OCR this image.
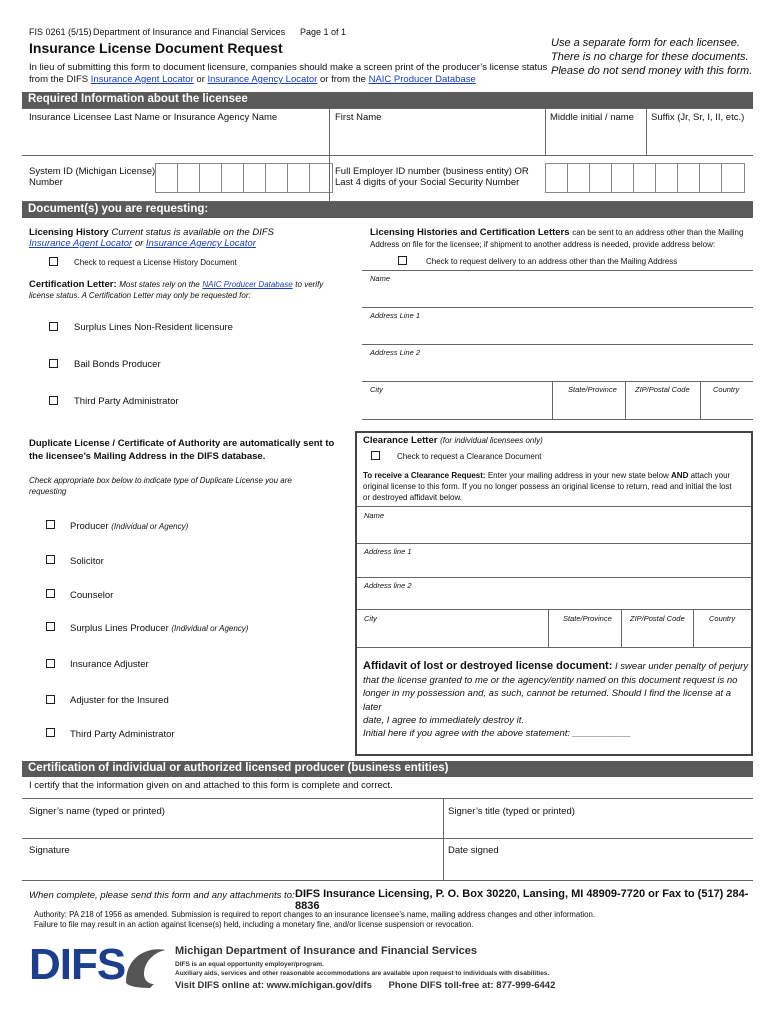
FIS 0261 (5/15) Department of Insurance and Financial Services Page 1 of 1
Insurance License Document Request
In lieu of submitting this form to document licensure, companies should make a screen print of the producer’s license status
from the DIFS Insurance Agent Locator or Insurance Agency Locator or from the NAIC Producer Database
Use a separate form for each licensee.
There is no charge for these documents.
Please do not send money with this form.
Required Information about the licensee
Insurance Licensee Last Name or Insurance Agency Name	First Name	Middle initial / name Suffix (Jr, Sr, I, II, etc.)
System ID (Michigan License)
Number
Full Employer ID number (business entity) OR
Last 4 digits of your Social Security Number
Document(s) you are requesting:
Licensing History Current status is available on the DIFS
Insurance Agent Locator or Insurance Agency Locator
Check to request a License History Document
Certification Letter: Most states rely on the NAIC Producer Database to verify
license status. A Certification Letter may only be requested for:
Surplus Lines Non-Resident licensure
Bail Bonds Producer
Third Party Administrator
Licensing Histories and Certification Letters can be sent to an address other than the Mailing
Address on file for the licensee; if shipment to another address is needed, provide address below:
Check to request delivery to an address other than the Mailing Address
Name
Address Line 1
Address Line 2
City	State/Province ZIP/Postal Code	Country
Duplicate License / Certificate of Authority are automatically sent to
the licensee’s Mailing Address in the DIFS database.
Check appropriate box below to indicate type of Duplicate License you are
requesting
Producer (Individual or Agency)
Solicitor
Counselor
Surplus Lines Producer (Individual or Agency)
Insurance Adjuster
Adjuster for the Insured
Third Party Administrator
Clearance Letter (for individual licensees only)
Check to request a Clearance Document
To receive a Clearance Request: Enter your mailing address in your new state below AND attach your
original license to this form. If you no longer possess an original license to return, read and initial the lost
or destroyed affidavit below.
Name
Address line 1
Address line 2
City	State/Province ZIP/Postal Code	Country
Affidavit of lost or destroyed license document: I swear under penalty of perjury
that the license granted to me or the agency/entity named on this document request is no
longer in my possession and, as such, cannot be returned. Should I find the license at a later
date, I agree to immediately destroy it.
Initial here if you agree with the above statement: ___________
Certification of individual or authorized licensed producer (business entities)
I certify that the information given on and attached to this form is complete and correct.
Signer’s name (typed or printed)	Signer’s title (typed or printed)
Signature	Date signed
When complete, please send this form and any attachments to: DIFS Insurance Licensing, P. O. Box 30220, Lansing, MI 48909-7720 or Fax to (517) 284-8836
Authority: PA 218 of 1956 as amended. Submission is required to report changes to an insurance licensee’s name, mailing address changes and other information.
Failure to file may result in an action against license(s) held, including a monetary fine, and/or license suspension or revocation.
DIFS	Michigan Department of Insurance and Financial Services
DIFS is an equal opportunity employer/program.
Auxiliary aids, services and other reasonable accommodations are available upon request to individuals with disabilities.
Visit DIFS online at: www.michigan.gov/difs Phone DIFS toll-free at: 877-999-6442
